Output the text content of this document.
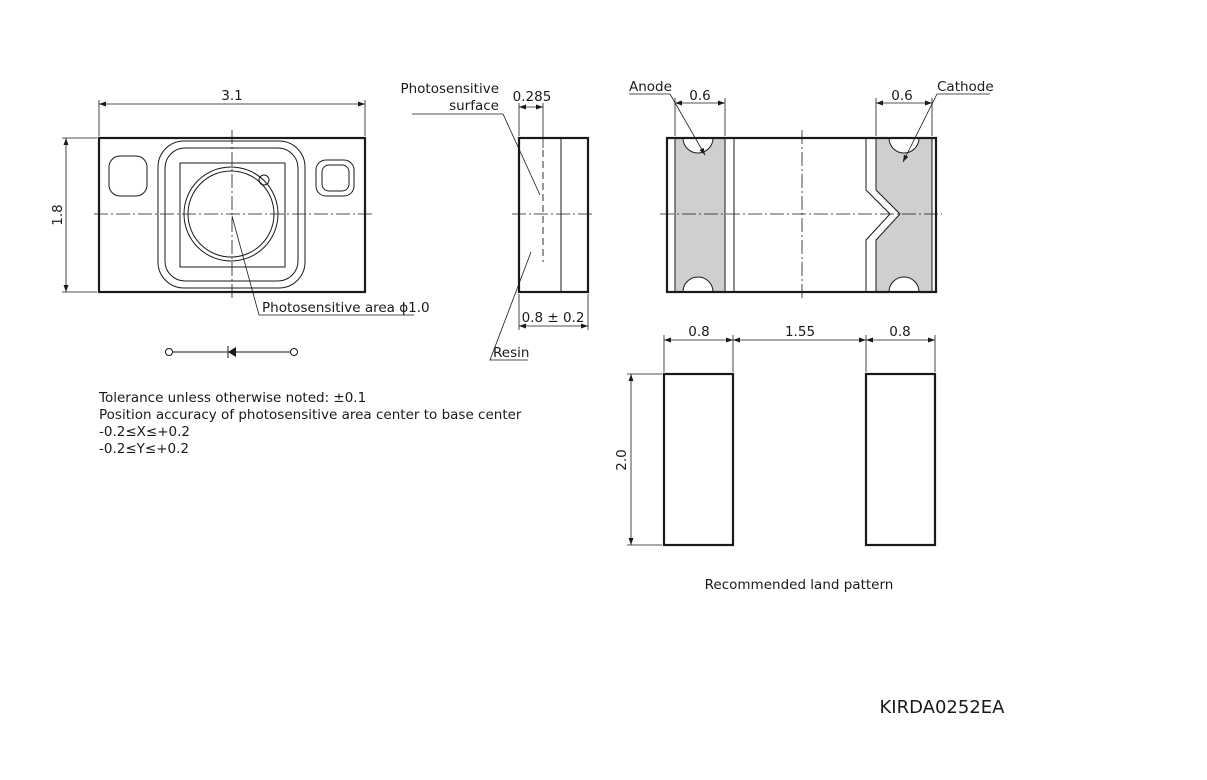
3.1
1.8
Photosensitive area ϕ1.0
Tolerance unless otherwise noted: ±0.1
Position accuracy of photosensitive area center to base center
-0.2≤X≤+0.2
-0.2≤Y≤+0.2
0.285
Photosensitive
surface
0.8 ± 0.2
Resin
0.6	0.6
Anode	Cathode
0.8	1.55	0.8
2.0
Recommended land pattern
KIRDA0252EA
